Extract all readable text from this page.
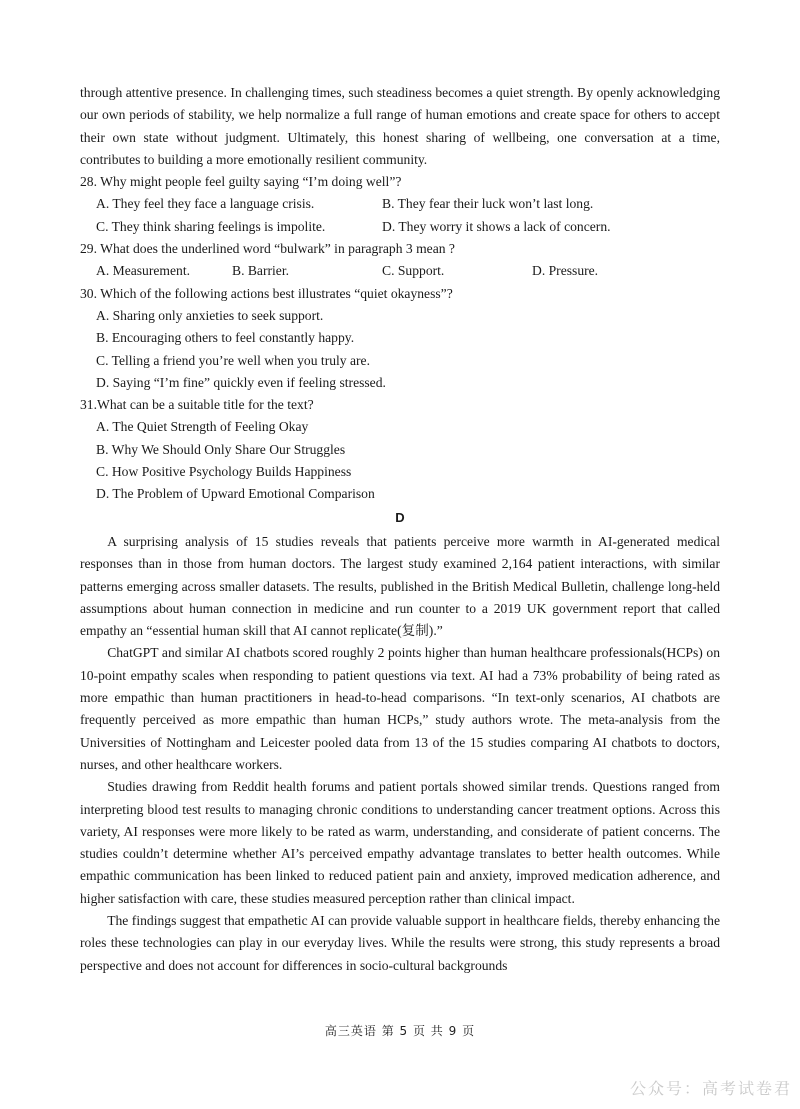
through attentive presence. In challenging times, such steadiness becomes a quiet strength. By openly acknowledging our own periods of stability, we help normalize a full range of human emotions and create space for others to accept their own state without judgment. Ultimately, this honest sharing of wellbeing, one conversation at a time, contributes to building a more emotionally resilient community.

28. Why might people feel guilty saying “I’m doing well”?

A. They feel they face a language crisis.	B. They fear their luck won’t last long.
C. They think sharing feelings is impolite.	D. They worry it shows a lack of concern.

29. What does the underlined word “bulwark” in paragraph 3 mean ?

A. Measurement.	B. Barrier.	C. Support.	D. Pressure.

30. Which of the following actions best illustrates “quiet okayness”?

A. Sharing only anxieties to seek support.

B. Encouraging others to feel constantly happy.

C. Telling a friend you’re well when you truly are.

D. Saying “I’m fine” quickly even if feeling stressed.

31.What can be a suitable title for the text?

A. The Quiet Strength of Feeling Okay

B. Why We Should Only Share Our Struggles

C. How Positive Psychology Builds Happiness

D. The Problem of Upward Emotional Comparison

D

A surprising analysis of 15 studies reveals that patients perceive more warmth in AI-generated medical responses than in those from human doctors. The largest study examined 2,164 patient interactions, with similar patterns emerging across smaller datasets. The results, published in the British Medical Bulletin, challenge long-held assumptions about human connection in medicine and run counter to a 2019 UK government report that called empathy an “essential human skill that AI cannot replicate(复制).”

ChatGPT and similar AI chatbots scored roughly 2 points higher than human healthcare professionals(HCPs) on 10-point empathy scales when responding to patient questions via text. AI had a 73% probability of being rated as more empathic than human practitioners in head-to-head comparisons. “In text-only scenarios, AI chatbots are frequently perceived as more empathic than human HCPs,” study authors wrote. The meta-analysis from the Universities of Nottingham and Leicester pooled data from 13 of the 15 studies comparing AI chatbots to doctors, nurses, and other healthcare workers.

Studies drawing from Reddit health forums and patient portals showed similar trends. Questions ranged from interpreting blood test results to managing chronic conditions to understanding cancer treatment options. Across this variety, AI responses were more likely to be rated as warm, understanding, and considerate of patient concerns. The studies couldn’t determine whether AI’s perceived empathy advantage translates to better health outcomes. While empathic communication has been linked to reduced patient pain and anxiety, improved medication adherence, and higher satisfaction with care, these studies measured perception rather than clinical impact.

The findings suggest that empathetic AI can provide valuable support in healthcare fields, thereby enhancing the roles these technologies can play in our everyday lives. While the results were strong, this study represents a broad perspective and does not account for differences in socio-cultural backgrounds

高三英语 第 5 页 共 9 页
公众号：高考试卷君
